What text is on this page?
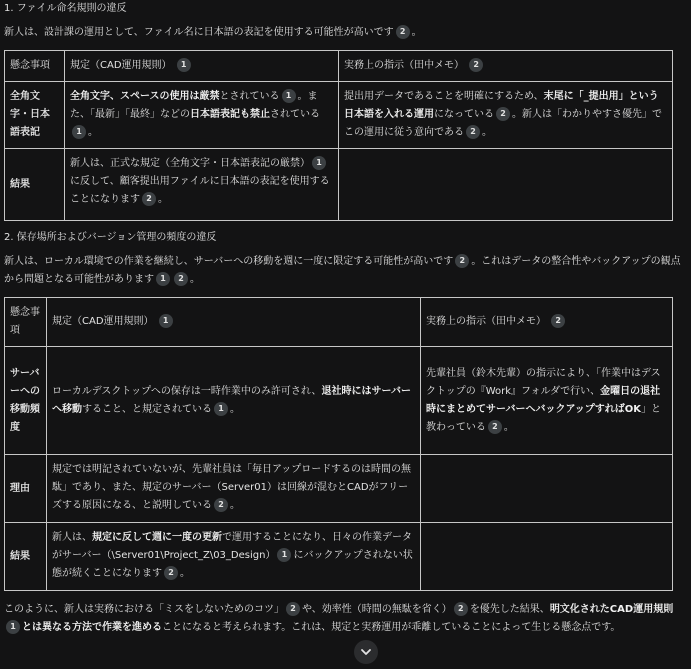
1. ファイル命名規則の違反
新人は、設計課の運用として、ファイル名に日本語の表記を使用する可能性が高いです 2 。
懸念事項	規定（CAD運用規則） 1	実務上の指示（田中メモ） 2
全角文字・日本語表記	全角文字、スペースの使用は厳禁とされている 1 。また、「最新」「最終」などの日本語表記も禁止されている1 。	提出用データであることを明確にするため、末尾に「_提出用」という日本語を入れる運用になっている 2 。新人は「わかりやすさ優先」でこの運用に従う意向である 2 。
結果	新人は、正式な規定（全角文字・日本語表記の厳禁） 1に反して、顧客提出用ファイルに日本語の表記を使用することになります 2 。	
2. 保存場所およびバージョン管理の頻度の違反
新人は、ローカル環境での作業を継続し、サーバーへの移動を週に一度に限定する可能性が高いです 2 。これはデータの整合性やバックアップの観点から問題となる可能性があります 1 2 。
懸念事項	規定（CAD運用規則） 1	実務上の指示（田中メモ） 2
サーバーへの移動頻度	ローカルデスクトップへの保存は一時作業中のみ許可され、退社時にはサーバーへ移動すること、と規定されている 1 。	先輩社員（鈴木先輩）の指示により、「作業中はデスクトップの『Work』フォルダで行い、金曜日の退社時にまとめてサーバーへバックアップすればOK」と教わっている 2 。
理由	規定では明記されていないが、先輩社員は「毎日アップロードするのは時間の無駄」であり、また、規定のサーバー（Server01）は回線が混むとCADがフリーズする原因になる、と説明している 2 。	
結果	新人は、規定に反して週に一度の更新で運用することになり、日々の作業データがサーバー（\Server01\Project_Z\03_Design） 1 にバックアップされない状態が続くことになります 2 。	
このように、新人は実務における「ミスをしないためのコツ」 2 や、効率性（時間の無駄を省く） 2 を優先した結果、明文化されたCAD運用規則1 とは異なる方法で作業を進めることになると考えられます。これは、規定と実務運用が乖離していることによって生じる懸念点です。
